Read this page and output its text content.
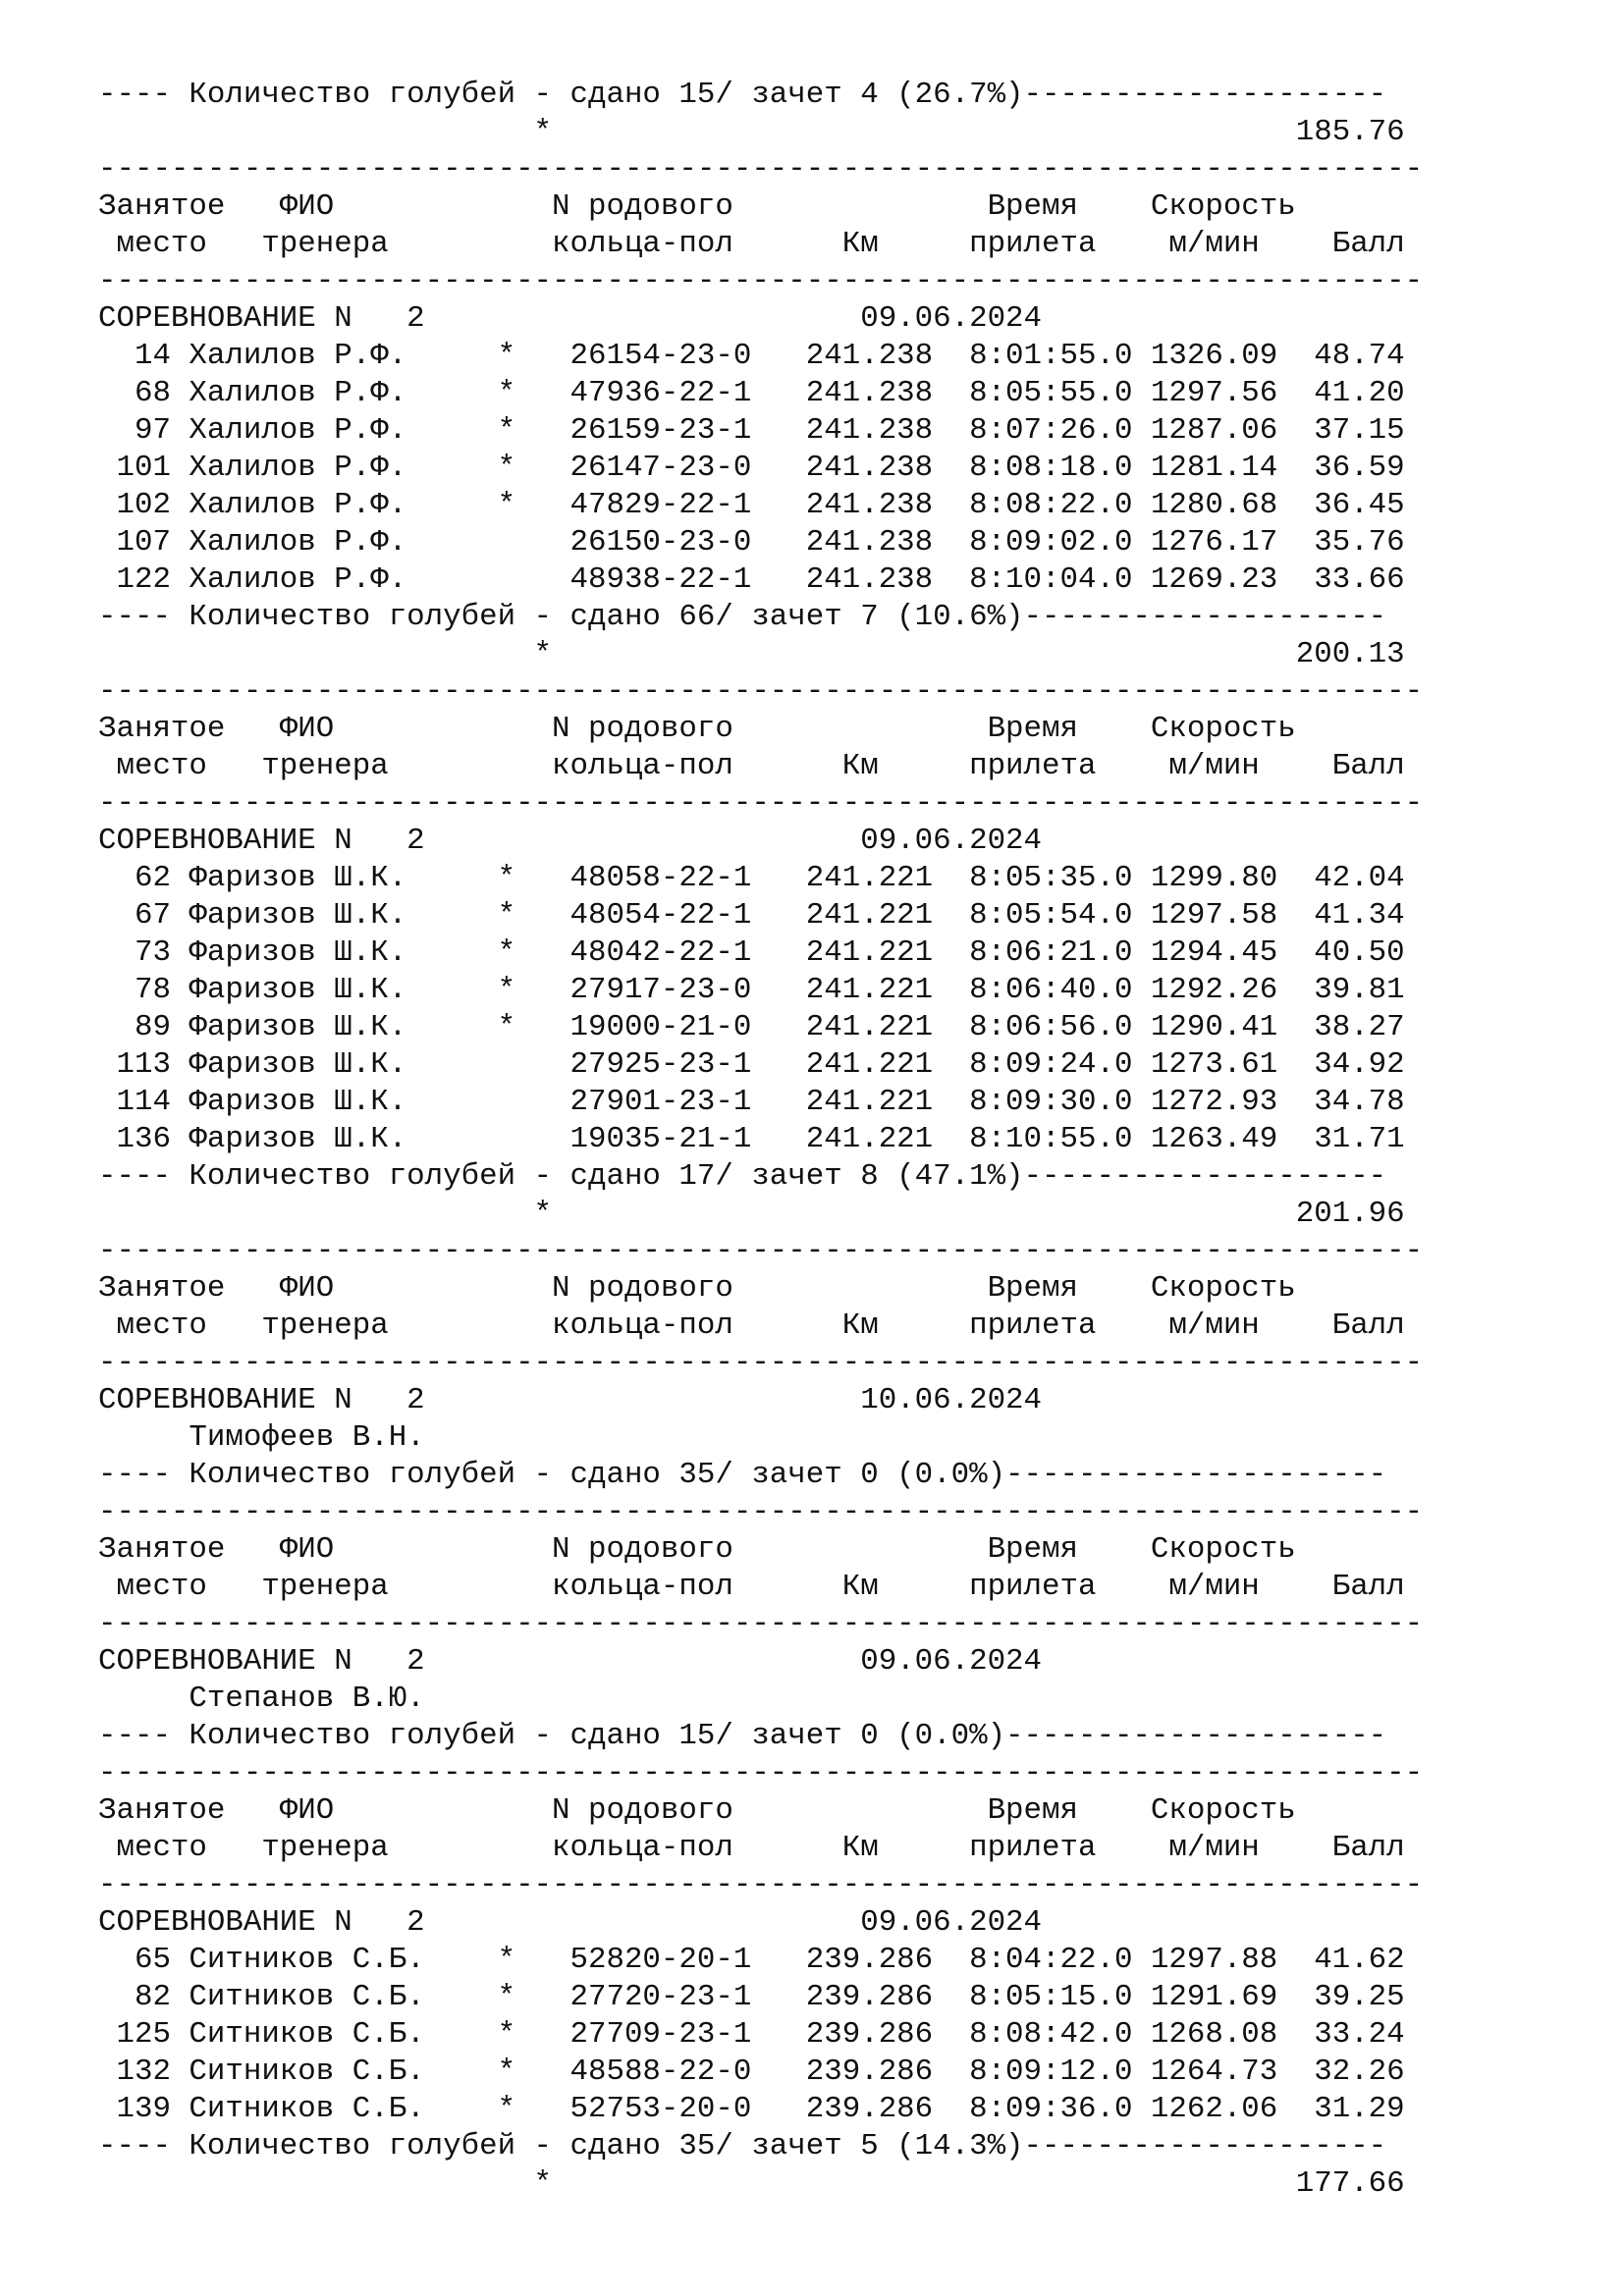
---- Количество голубей - сдано 15/ зачет 4 (26.7%)--------------------
*                                         185.76
-------------------------------------------------------------------------
Занятое   ФИО            N родового              Время    Скорость
место   тренера         кольца-пол      Км     прилета    м/мин    Балл
-------------------------------------------------------------------------
СОРЕВНОВАНИЕ N   2                        09.06.2024
14 Халилов Р.Ф.     *   26154-23-0   241.238  8:01:55.0 1326.09  48.74
68 Халилов Р.Ф.     *   47936-22-1   241.238  8:05:55.0 1297.56  41.20
97 Халилов Р.Ф.     *   26159-23-1   241.238  8:07:26.0 1287.06  37.15
101 Халилов Р.Ф.     *   26147-23-0   241.238  8:08:18.0 1281.14  36.59
102 Халилов Р.Ф.     *   47829-22-1   241.238  8:08:22.0 1280.68  36.45
107 Халилов Р.Ф.         26150-23-0   241.238  8:09:02.0 1276.17  35.76
122 Халилов Р.Ф.         48938-22-1   241.238  8:10:04.0 1269.23  33.66
---- Количество голубей - сдано 66/ зачет 7 (10.6%)--------------------
*                                         200.13
-------------------------------------------------------------------------
Занятое   ФИО            N родового              Время    Скорость
место   тренера         кольца-пол      Км     прилета    м/мин    Балл
-------------------------------------------------------------------------
СОРЕВНОВАНИЕ N   2                        09.06.2024
62 Фаризов Ш.К.     *   48058-22-1   241.221  8:05:35.0 1299.80  42.04
67 Фаризов Ш.К.     *   48054-22-1   241.221  8:05:54.0 1297.58  41.34
73 Фаризов Ш.К.     *   48042-22-1   241.221  8:06:21.0 1294.45  40.50
78 Фаризов Ш.К.     *   27917-23-0   241.221  8:06:40.0 1292.26  39.81
89 Фаризов Ш.К.     *   19000-21-0   241.221  8:06:56.0 1290.41  38.27
113 Фаризов Ш.К.         27925-23-1   241.221  8:09:24.0 1273.61  34.92
114 Фаризов Ш.К.         27901-23-1   241.221  8:09:30.0 1272.93  34.78
136 Фаризов Ш.К.         19035-21-1   241.221  8:10:55.0 1263.49  31.71
---- Количество голубей - сдано 17/ зачет 8 (47.1%)--------------------
*                                         201.96
-------------------------------------------------------------------------
Занятое   ФИО            N родового              Время    Скорость
место   тренера         кольца-пол      Км     прилета    м/мин    Балл
-------------------------------------------------------------------------
СОРЕВНОВАНИЕ N   2                        10.06.2024
Тимофеев В.Н.
---- Количество голубей - сдано 35/ зачет 0 (0.0%)---------------------
-------------------------------------------------------------------------
Занятое   ФИО            N родового              Время    Скорость
место   тренера         кольца-пол      Км     прилета    м/мин    Балл
-------------------------------------------------------------------------
СОРЕВНОВАНИЕ N   2                        09.06.2024
Степанов В.Ю.
---- Количество голубей - сдано 15/ зачет 0 (0.0%)---------------------
-------------------------------------------------------------------------
Занятое   ФИО            N родового              Время    Скорость
место   тренера         кольца-пол      Км     прилета    м/мин    Балл
-------------------------------------------------------------------------
СОРЕВНОВАНИЕ N   2                        09.06.2024
65 Ситников С.Б.    *   52820-20-1   239.286  8:04:22.0 1297.88  41.62
82 Ситников С.Б.    *   27720-23-1   239.286  8:05:15.0 1291.69  39.25
125 Ситников С.Б.    *   27709-23-1   239.286  8:08:42.0 1268.08  33.24
132 Ситников С.Б.    *   48588-22-0   239.286  8:09:12.0 1264.73  32.26
139 Ситников С.Б.    *   52753-20-0   239.286  8:09:36.0 1262.06  31.29
---- Количество голубей - сдано 35/ зачет 5 (14.3%)--------------------
*                                         177.66
